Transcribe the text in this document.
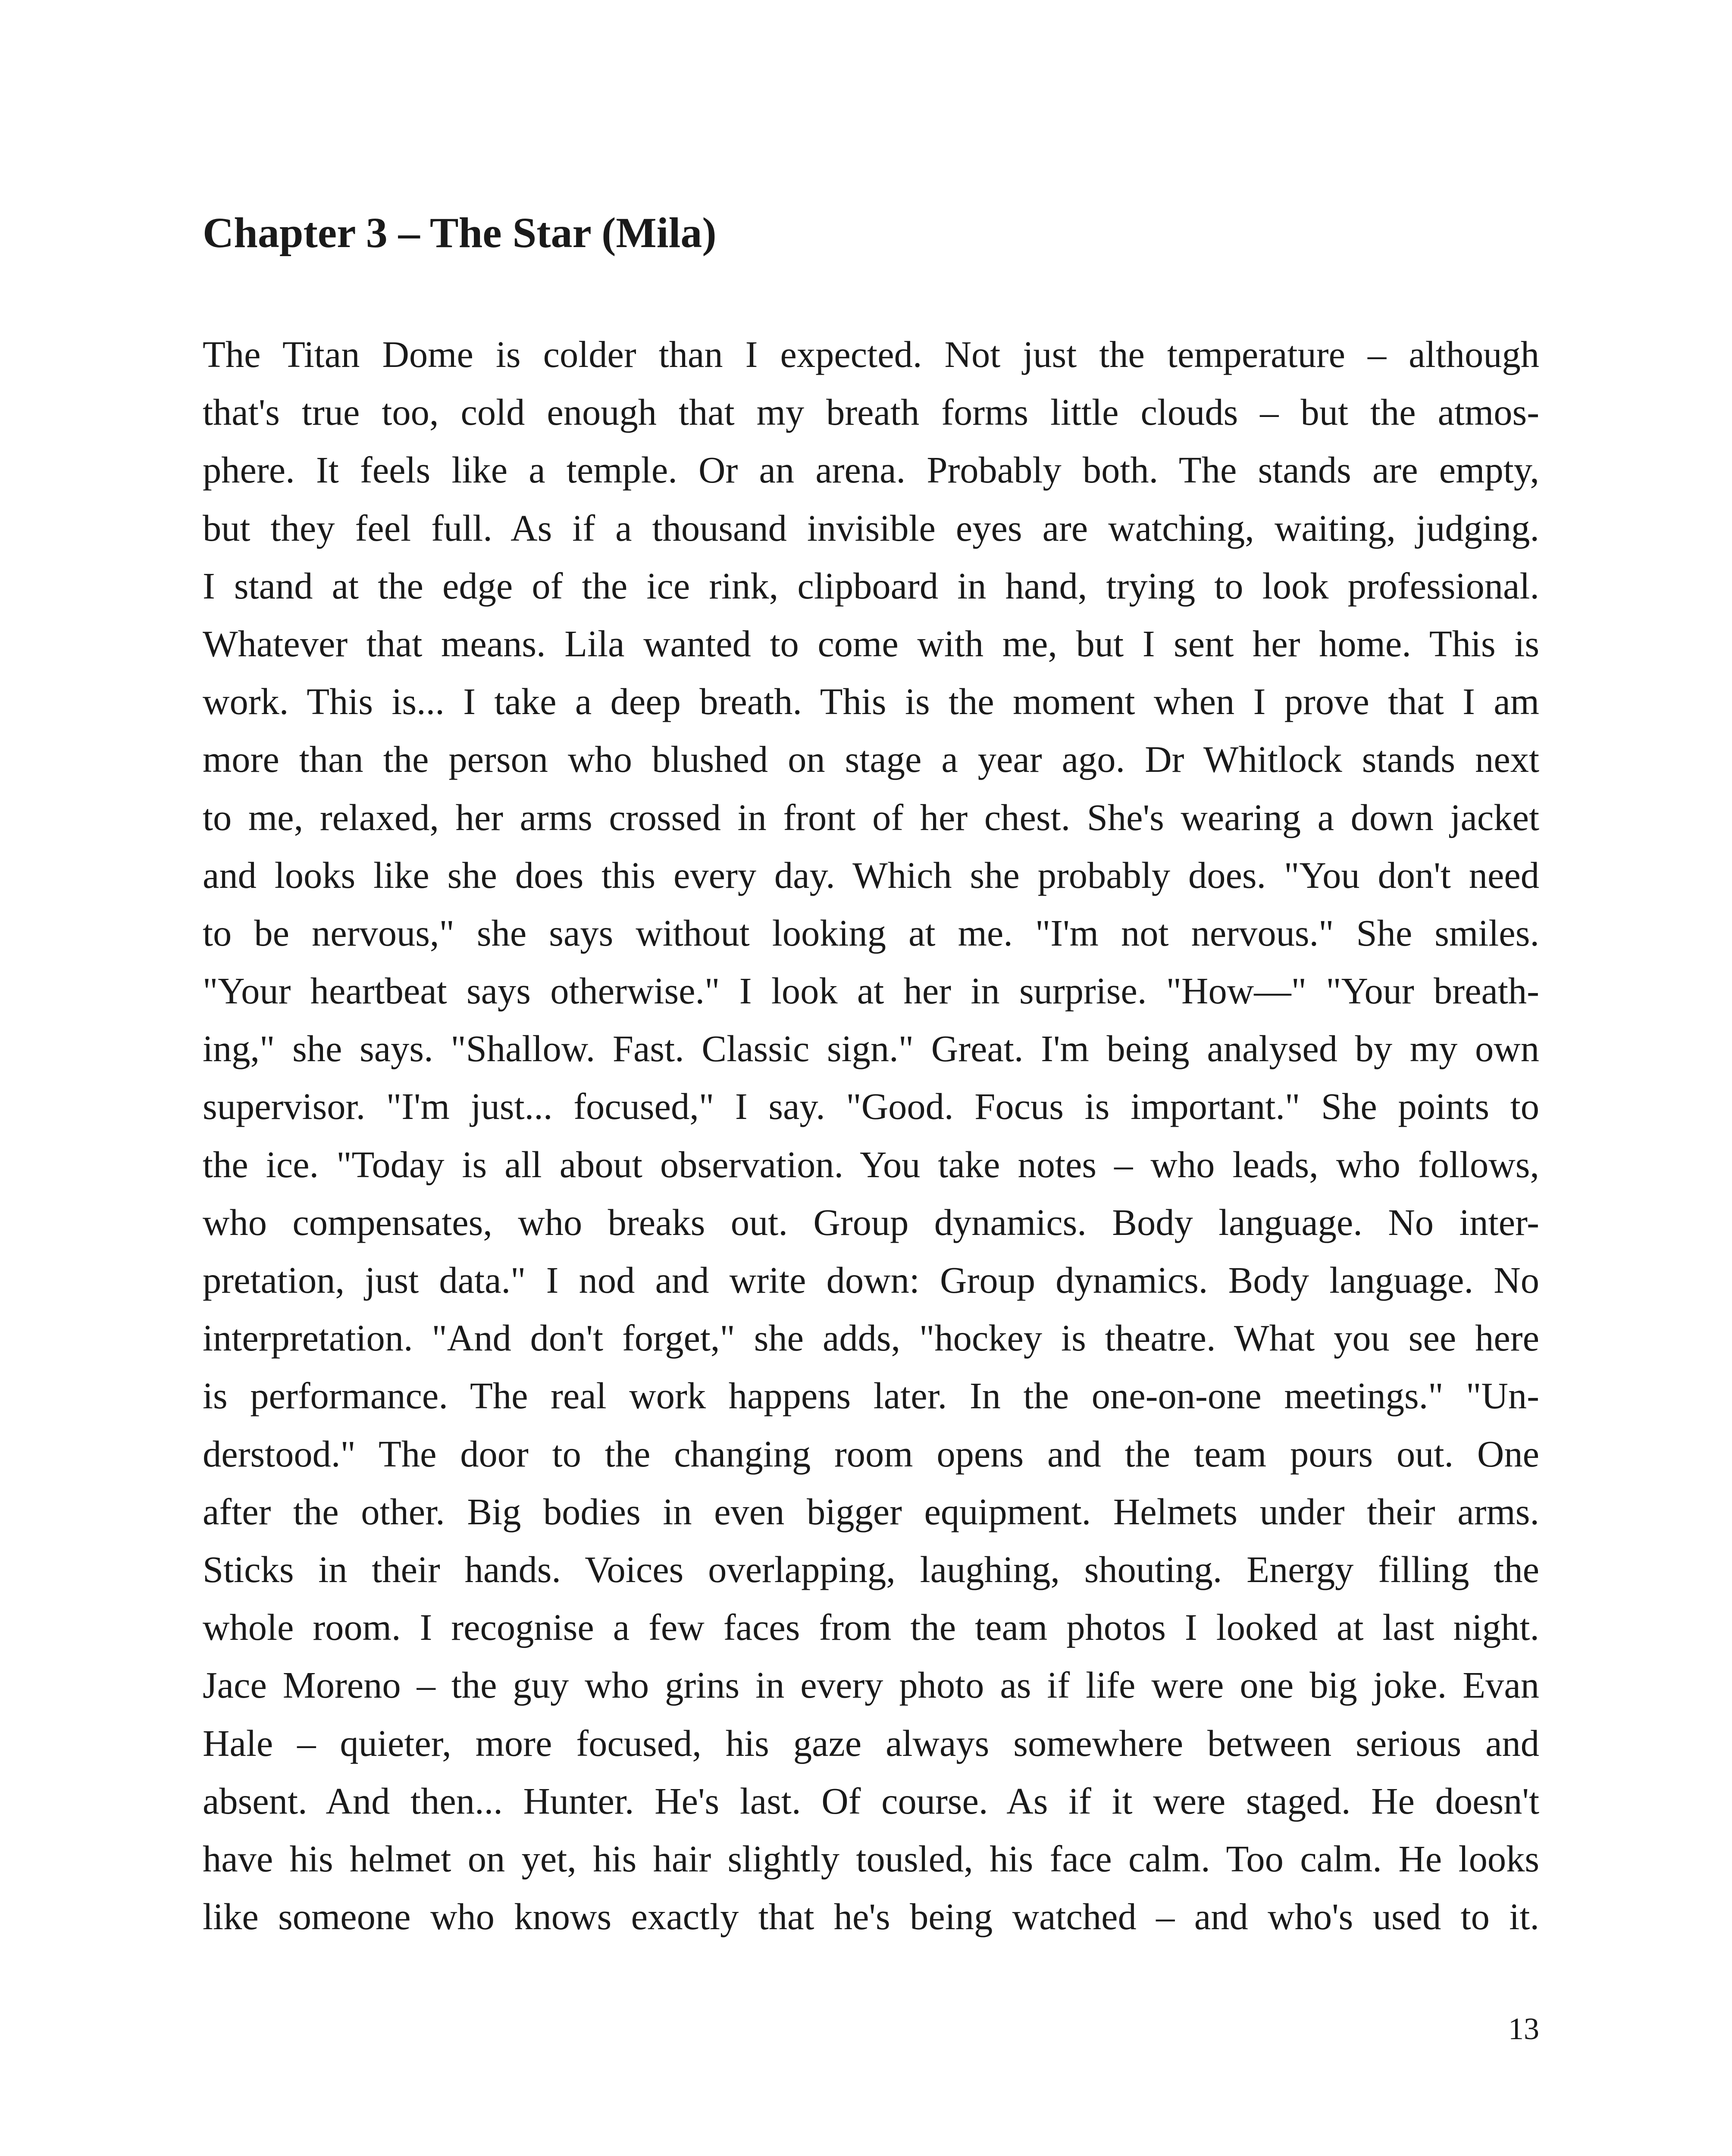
Chapter 3 – The Star (Mila)
The Titan Dome is colder than I expected. Not just the temperature – although
that's true too, cold enough that my breath forms little clouds – but the atmos-
phere. It feels like a temple. Or an arena. Probably both. The stands are empty,
but they feel full. As if a thousand invisible eyes are watching, waiting, judging.
I stand at the edge of the ice rink, clipboard in hand, trying to look professional.
Whatever that means. Lila wanted to come with me, but I sent her home. This is
work. This is... I take a deep breath. This is the moment when I prove that I am
more than the person who blushed on stage a year ago. Dr Whitlock stands next
to me, relaxed, her arms crossed in front of her chest. She's wearing a down jacket
and looks like she does this every day. Which she probably does. "You don't need
to be nervous," she says without looking at me. "I'm not nervous." She smiles.
"Your heartbeat says otherwise." I look at her in surprise. "How—" "Your breath-
ing," she says. "Shallow. Fast. Classic sign." Great. I'm being analysed by my own
supervisor. "I'm just... focused," I say. "Good. Focus is important." She points to
the ice. "Today is all about observation. You take notes – who leads, who follows,
who compensates, who breaks out. Group dynamics. Body language. No inter-
pretation, just data." I nod and write down: Group dynamics. Body language. No
interpretation. "And don't forget," she adds, "hockey is theatre. What you see here
is performance. The real work happens later. In the one-on-one meetings." "Un-
derstood." The door to the changing room opens and the team pours out. One
after the other. Big bodies in even bigger equipment. Helmets under their arms.
Sticks in their hands. Voices overlapping, laughing, shouting. Energy filling the
whole room. I recognise a few faces from the team photos I looked at last night.
Jace Moreno – the guy who grins in every photo as if life were one big joke. Evan
Hale – quieter, more focused, his gaze always somewhere between serious and
absent. And then... Hunter. He's last. Of course. As if it were staged. He doesn't
have his helmet on yet, his hair slightly tousled, his face calm. Too calm. He looks
like someone who knows exactly that he's being watched – and who's used to it.
13
